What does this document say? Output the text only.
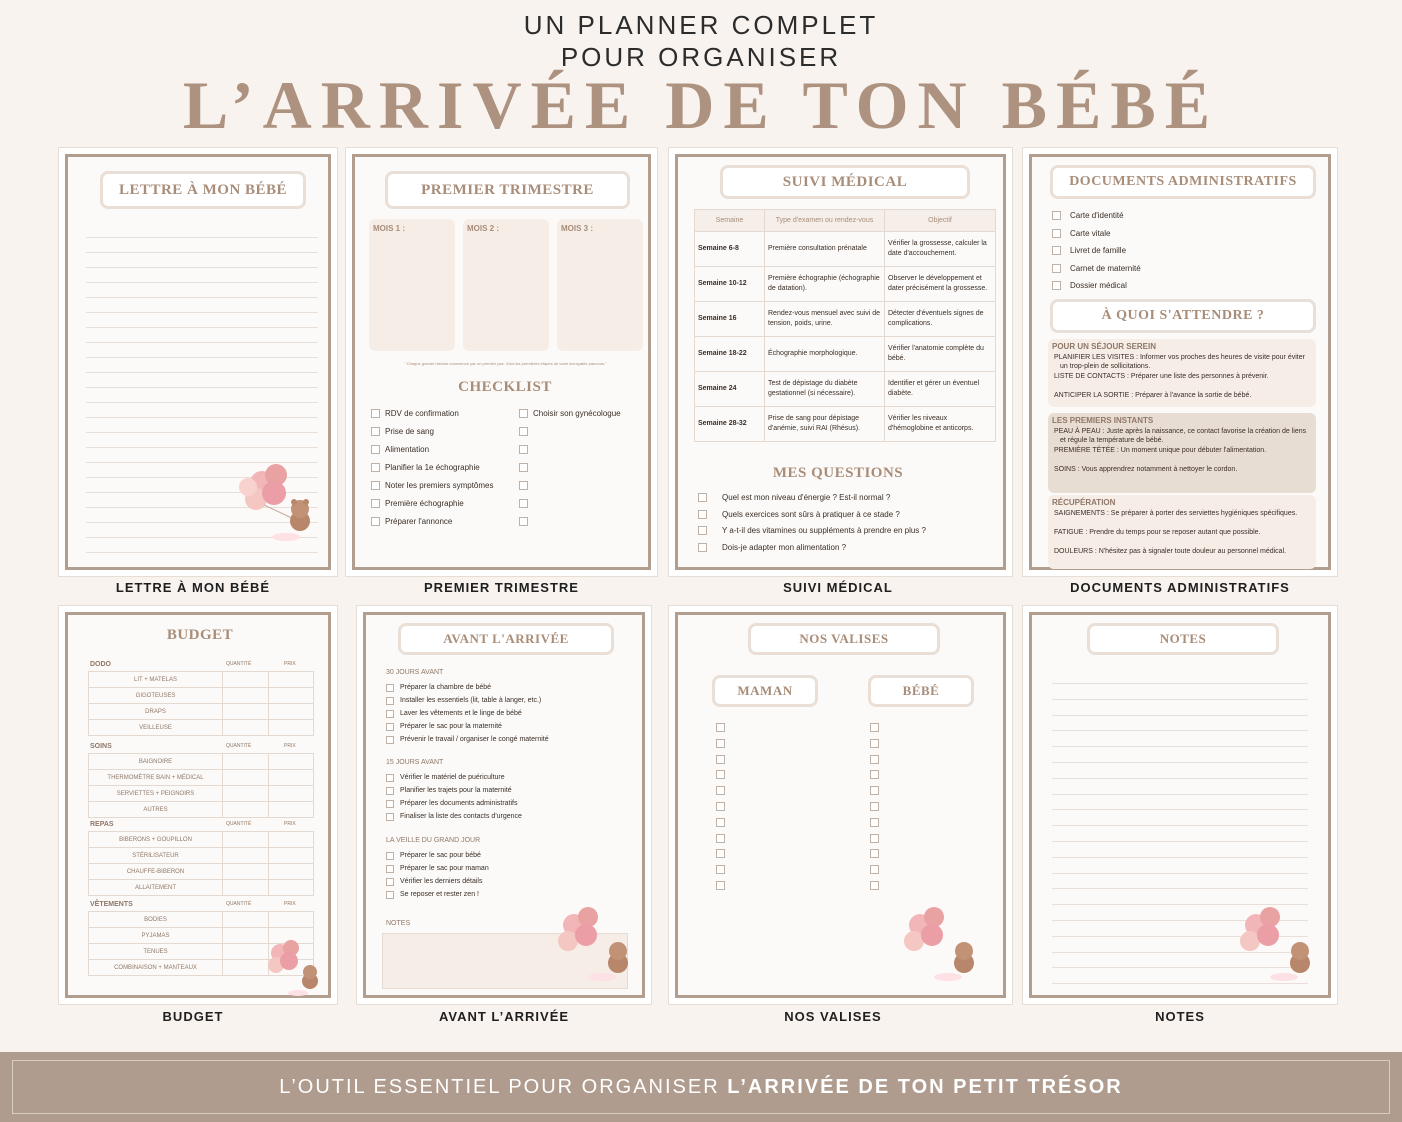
UN PLANNER COMPLET
POUR ORGANISER
L’ARRIVÉE DE TON BÉBÉ
LETTRE À MON BÉBÉ
LETTRE À MON BÉBÉ
PREMIER TRIMESTRE
MOIS 1 :	MOIS 2 :	MOIS 3 :
"Chaque grande histoire commence par un premier pas. Voici les premières étapes de votre incroyable parcours."
CHECKLIST
RDV de confirmation
Prise de sang
Alimentation
Planifier la 1e échographie
Noter les premiers symptômes
Première échographie
Préparer l'annonce
Choisir son gynécologue
PREMIER TRIMESTRE
SUIVI MÉDICAL
Semaine	Type d'examen ou rendez-vous	Objectif
Semaine 6-8	Première consultation prénatale	Vérifier la grossesse, calculer la date d'accouchement.
Semaine 10-12	Première échographie (échographie de datation).	Observer le développement et dater précisément la grossesse.
Semaine 16	Rendez-vous mensuel avec suivi de tension, poids, urine.	Détecter d'éventuels signes de complications.
Semaine 18-22	Échographie morphologique.	Vérifier l'anatomie complète du bébé.
Semaine 24	Test de dépistage du diabète gestationnel (si nécessaire).	Identifier et gérer un éventuel diabète.
Semaine 28-32	Prise de sang pour dépistage d'anémie, suivi RAI (Rhésus).	Vérifier les niveaux d'hémoglobine et anticorps.
MES QUESTIONS
Quel est mon niveau d'énergie ? Est-il normal ?
Quels exercices sont sûrs à pratiquer à ce stade ?
Y a-t-il des vitamines ou suppléments à prendre en plus ?
Dois-je adapter mon alimentation ?
SUIVI MÉDICAL
DOCUMENTS ADMINISTRATIFS
Carte d'identité
Carte vitale
Livret de famille
Carnet de maternité
Dossier médical
À QUOI S'ATTENDRE ?
POUR UN SÉJOUR SEREIN
PLANIFIER LES VISITES : Informer vos proches des heures de visite pour éviter un trop-plein de sollicitations.
LISTE DE CONTACTS : Préparer une liste des personnes à prévenir.
ANTICIPER LA SORTIE : Préparer à l'avance la sortie de bébé.
LES PREMIERS INSTANTS
PEAU À PEAU : Juste après la naissance, ce contact favorise la création de liens et régule la température de bébé.
PREMIÈRE TÉTÉE : Un moment unique pour débuter l'alimentation.
SOINS : Vous apprendrez notamment à nettoyer le cordon.
RÉCUPÉRATION
SAIGNEMENTS : Se préparer à porter des serviettes hygiéniques spécifiques.
FATIGUE : Prendre du temps pour se reposer autant que possible.
DOULEURS : N'hésitez pas à signaler toute douleur au personnel médical.
DOCUMENTS ADMINISTRATIFS
BUDGET
DODO	QUANTITÉ	PRIX
LIT + MATELAS		
GIGOTEUSES		
DRAPS		
VEILLEUSE		
SOINS	QUANTITÉ	PRIX
BAIGNOIRE		
THERMOMÈTRE BAIN + MÉDICAL		
SERVIETTES + PEIGNOIRS		
AUTRES		
REPAS	QUANTITÉ	PRIX
BIBERONS + GOUPILLON		
STÉRILISATEUR		
CHAUFFE-BIBERON		
ALLAITEMENT		
VÊTEMENTS	QUANTITÉ	PRIX
BODIES		
PYJAMAS		
TENUES		
COMBINAISON + MANTEAUX		
BUDGET
AVANT L'ARRIVÉE
30 JOURS AVANT
Préparer la chambre de bébé
Installer les essentiels (lit, table à langer, etc.)
Laver les vêtements et le linge de bébé
Préparer le sac pour la maternité
Prévenir le travail / organiser le congé maternité
15 JOURS AVANT
Vérifier le matériel de puériculture
Planifier les trajets pour la maternité
Préparer les documents administratifs
Finaliser la liste des contacts d'urgence
LA VEILLE DU GRAND JOUR
Préparer le sac pour bébé
Préparer le sac pour maman
Vérifier les derniers détails
Se reposer et rester zen !
NOTES
AVANT L’ARRIVÉE
NOS VALISES
MAMAN	BÉBÉ
NOS VALISES
NOTES
NOTES
L’OUTIL ESSENTIEL POUR ORGANISER L’ARRIVÉE DE TON PETIT TRÉSOR
